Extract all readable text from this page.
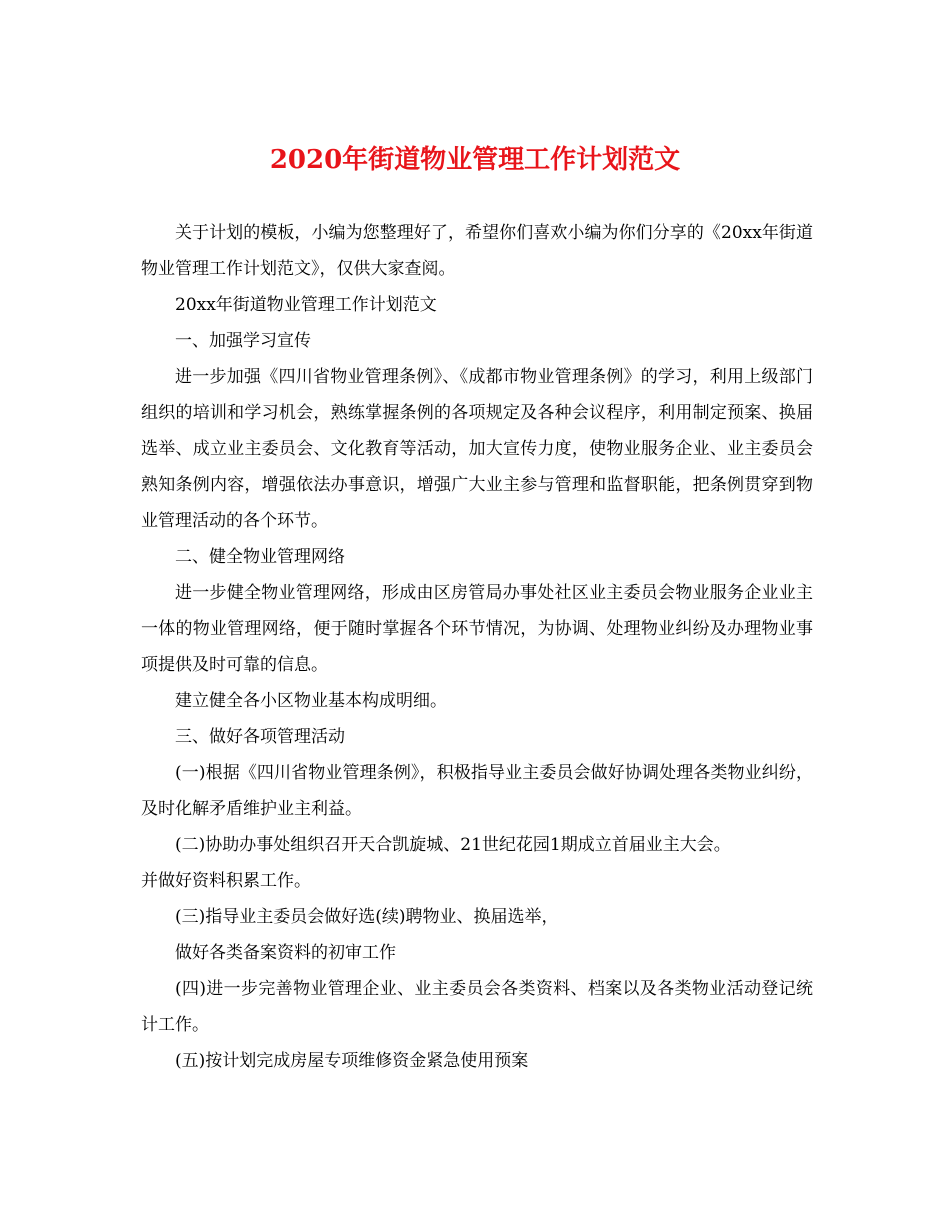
2020年街道物业管理工作计划范文

关于计划的模板，小编为您整理好了，希望你们喜欢小编为你们分享的《20xx年街道物业管理工作计划范文》，仅供大家查阅。

20xx年街道物业管理工作计划范文

一、加强学习宣传

进一步加强《四川省物业管理条例》、《成都市物业管理条例》的学习，利用上级部门组织的培训和学习机会，熟练掌握条例的各项规定及各种会议程序，利用制定预案、换届选举、成立业主委员会、文化教育等活动，加大宣传力度，使物业服务企业、业主委员会熟知条例内容，增强依法办事意识，增强广大业主参与管理和监督职能，把条例贯穿到物业管理活动的各个环节。

二、健全物业管理网络

进一步健全物业管理网络，形成由区房管局办事处社区业主委员会物业服务企业业主一体的物业管理网络，便于随时掌握各个环节情况，为协调、处理物业纠纷及办理物业事项提供及时可靠的信息。

建立健全各小区物业基本构成明细。

三、做好各项管理活动

(一)根据《四川省物业管理条例》，积极指导业主委员会做好协调处理各类物业纠纷，及时化解矛盾维护业主利益。

(二)协助办事处组织召开天合凯旋城、21世纪花园1期成立首届业主大会。

并做好资料积累工作。

(三)指导业主委员会做好选(续)聘物业、换届选举，

做好各类备案资料的初审工作

(四)进一步完善物业管理企业、业主委员会各类资料、档案以及各类物业活动登记统计工作。

(五)按计划完成房屋专项维修资金紧急使用预案
